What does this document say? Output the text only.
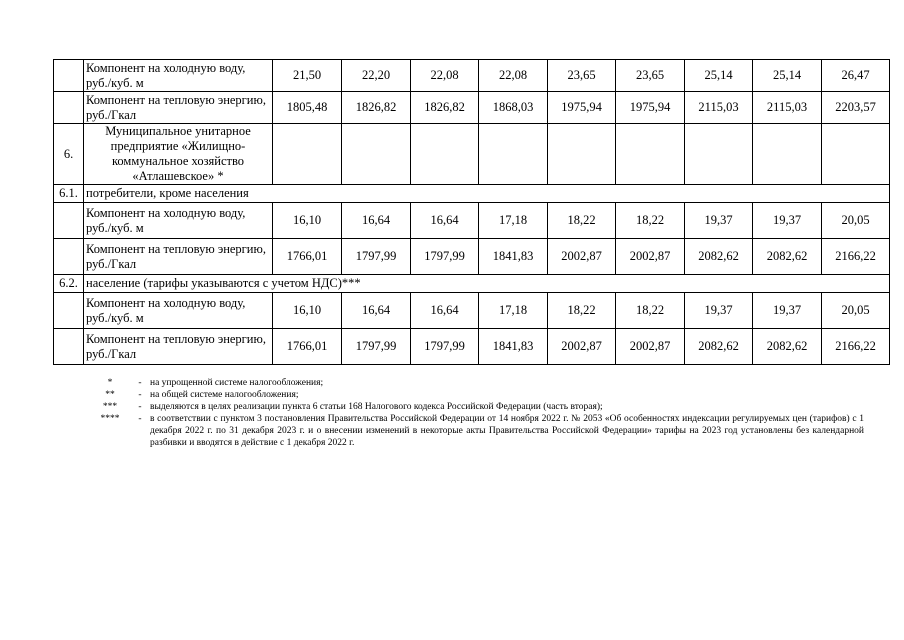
	Компонент на холодную воду, руб./куб. м	21,50	22,20	22,08	22,08	23,65	23,65	25,14	25,14	26,47
	Компонент на тепловую энергию, руб./Гкал	1805,48	1826,82	1826,82	1868,03	1975,94	1975,94	2115,03	2115,03	2203,57
6.	Муниципальное унитарное предприятие «Жилищно-коммунальное хозяйство «Атлашевское» *									
6.1.	потребители, кроме населения									
	Компонент на холодную воду, руб./куб. м	16,10	16,64	16,64	17,18	18,22	18,22	19,37	19,37	20,05
	Компонент на тепловую энергию, руб./Гкал	1766,01	1797,99	1797,99	1841,83	2002,87	2002,87	2082,62	2082,62	2166,22
6.2.	население (тарифы указываются с учетом НДС)***									
	Компонент на холодную воду, руб./куб. м	16,10	16,64	16,64	17,18	18,22	18,22	19,37	19,37	20,05
	Компонент на тепловую энергию, руб./Гкал	1766,01	1797,99	1797,99	1841,83	2002,87	2002,87	2082,62	2082,62	2166,22
*	- на упрощенной системе налогообложения;
**	- на общей системе налогообложения;
***	- выделяются в целях реализации пункта 6 статьи 168 Налогового кодекса Российской Федерации (часть вторая);
****	- в соответствии с пунктом 3 постановления Правительства Российской Федерации от 14 ноября 2022 г. № 2053 «Об особенностях индексации регулируемых цен (тарифов) с 1 декабря 2022 г. по 31 декабря 2023 г. и о внесении изменений в некоторые акты Правительства Российской Федерации» тарифы на 2023 год установлены без календарной разбивки и вводятся в действие с 1 декабря 2022 г.
